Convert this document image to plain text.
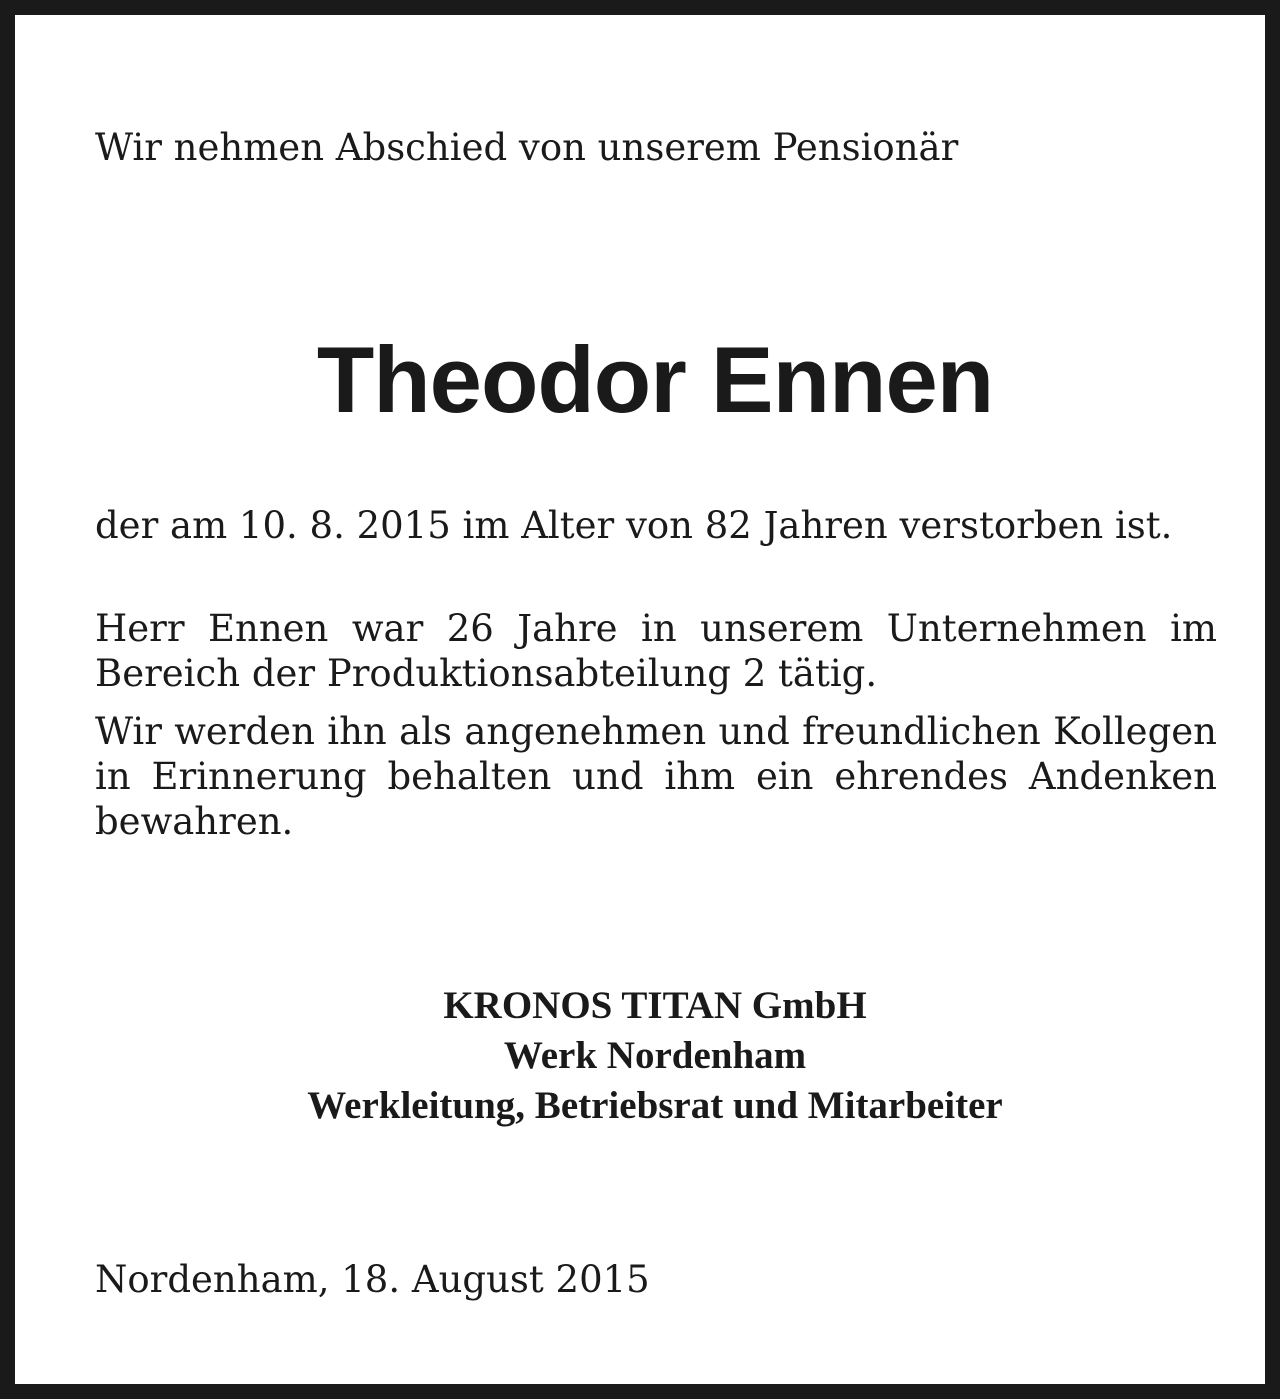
Wir nehmen Abschied von unserem Pensionär
Theodor Ennen

der am 10. 8. 2015 im Alter von 82 Jahren verstorben ist.

Herr Ennen war 26 Jahre in unserem Unternehmen im Bereich der Produktionsabteilung 2 tätig.

Wir werden ihn als angenehmen und freundlichen Kollegen in Erinnerung behalten und ihm ein ehrendes Andenken bewahren.

KRONOS TITAN GmbH
Werk Nordenham
Werkleitung, Betriebsrat und Mitarbeiter
Nordenham, 18. August 2015
